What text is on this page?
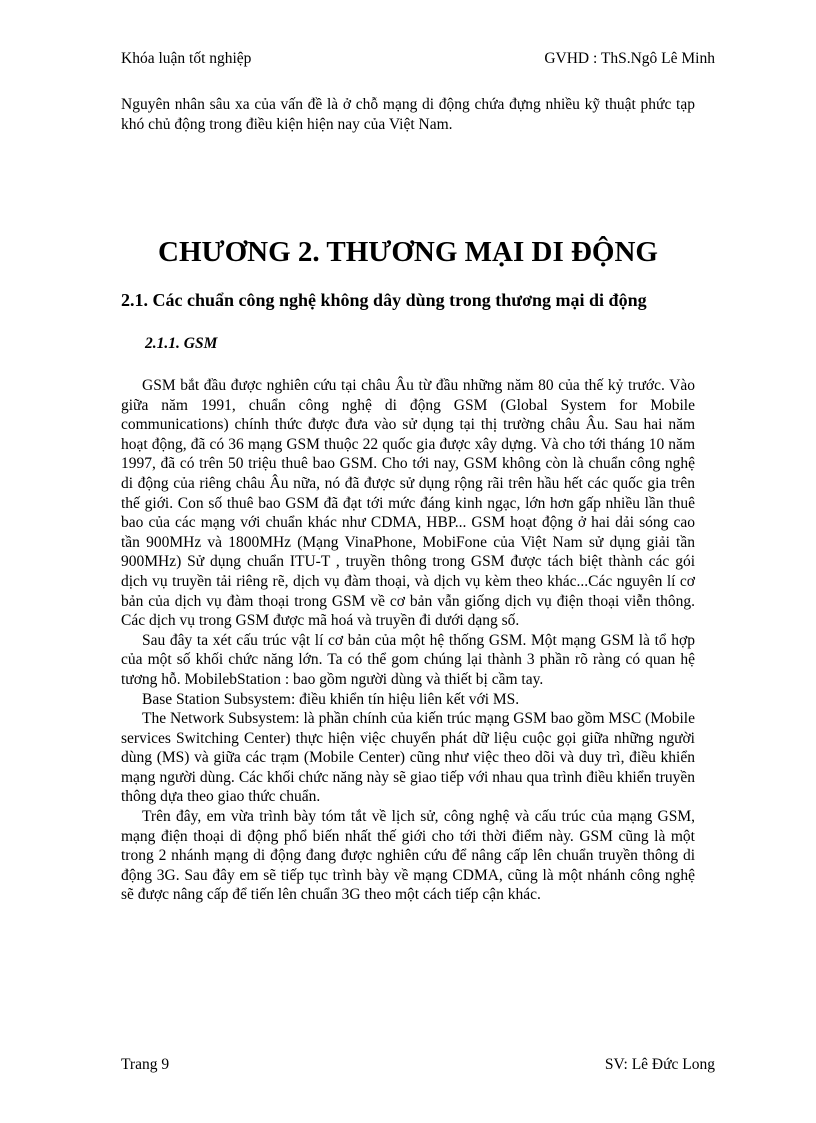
Khóa luận tốt nghiệp	GVHD : ThS.Ngô Lê Minh

Nguyên nhân sâu xa của vấn đề là ở chỗ mạng di động chứa đựng nhiều kỹ thuật phức tạp khó chủ động trong điều kiện hiện nay của Việt Nam.

CHƯƠNG 2. THƯƠNG MẠI DI ĐỘNG
2.1. Các chuẩn công nghệ không dây dùng trong thương mại di động
2.1.1. GSM

GSM bắt đầu được nghiên cứu tại châu Âu từ đầu những năm 80 của thế kỷ trước. Vào giữa năm 1991, chuẩn công nghệ di động GSM (Global System for Mobile communications) chính thức được đưa vào sử dụng tại thị trường châu Âu. Sau hai năm hoạt động, đã có 36 mạng GSM thuộc 22 quốc gia được xây dựng. Và cho tới tháng 10 năm 1997, đã có trên 50 triệu thuê bao GSM. Cho tới nay, GSM không còn là chuẩn công nghệ di động của riêng châu Âu nữa, nó đã được sử dụng rộng rãi trên hầu hết các quốc gia trên thế giới. Con số thuê bao GSM đã đạt tới mức đáng kinh ngạc, lớn hơn gấp nhiều lần thuê bao của các mạng với chuẩn khác như CDMA, HBP... GSM hoạt động ở hai dải sóng cao tần 900MHz và 1800MHz (Mạng VinaPhone, MobiFone của Việt Nam sử dụng giải tần 900MHz) Sử dụng chuẩn ITU-T , truyền thông trong GSM được tách biệt thành các gói dịch vụ truyền tải riêng rẽ, dịch vụ đàm thoại, và dịch vụ kèm theo khác...Các nguyên lí cơ bản của dịch vụ đàm thoại trong GSM về cơ bản vẫn giống dịch vụ điện thoại viễn thông. Các dịch vụ trong GSM được mã hoá và truyền đi dưới dạng số.

Sau đây ta xét cấu trúc vật lí cơ bản của một hệ thống GSM. Một mạng GSM là tổ hợp của một số khối chức năng lớn. Ta có thể gom chúng lại thành 3 phần rõ ràng có quan hệ tương hỗ. MobilebStation : bao gồm người dùng và thiết bị cầm tay.

Base Station Subsystem: điều khiển tín hiệu liên kết với MS.

The Network Subsystem: là phần chính của kiến trúc mạng GSM bao gồm MSC (Mobile services Switching Center) thực hiện việc chuyển phát dữ liệu cuộc gọi giữa những người dùng (MS) và giữa các trạm (Mobile Center) cũng như việc theo dõi và duy trì, điều khiển mạng người dùng. Các khối chức năng này sẽ giao tiếp với nhau qua trình điều khiển truyền thông dựa theo giao thức chuẩn.

Trên đây, em vừa trình bày tóm tắt về lịch sử, công nghệ và cấu trúc của mạng GSM, mạng điện thoại di động phổ biến nhất thế giới cho tới thời điểm này. GSM cũng là một trong 2 nhánh mạng di động đang được nghiên cứu để nâng cấp lên chuẩn truyền thông di động 3G. Sau đây em sẽ tiếp tục trình bày về mạng CDMA, cũng là một nhánh công nghệ sẽ được nâng cấp để tiến lên chuẩn 3G theo một cách tiếp cận khác.

Trang 9	SV: Lê Đức Long
